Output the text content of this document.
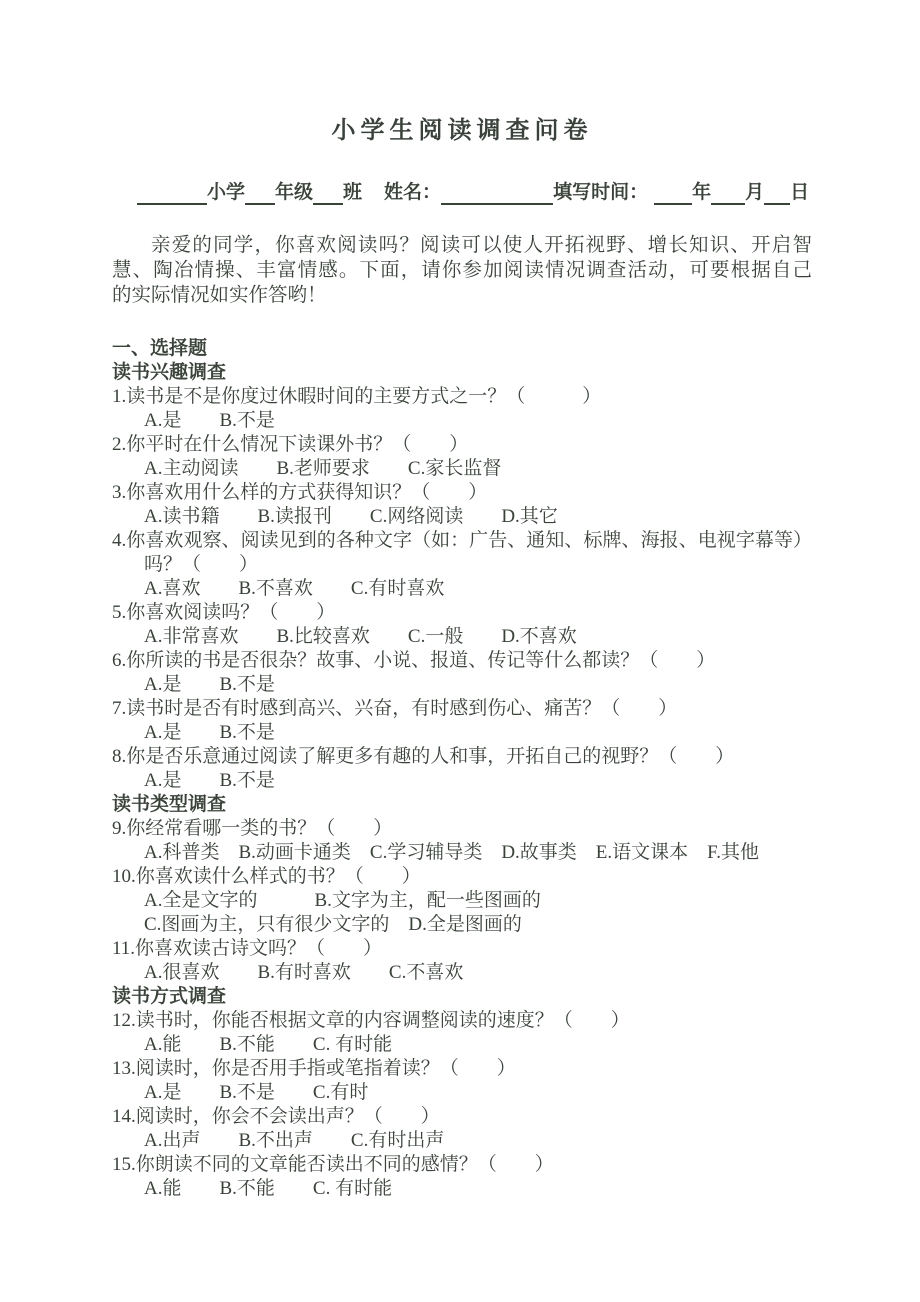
小学生阅读调查问卷
小学 年级 班 姓名：	填写时间： 年 月 日
亲爱的同学，你喜欢阅读吗？阅读可以使人开拓视野、增长知识、开启智
慧、陶冶情操、丰富情感。下面，请你参加阅读情况调查活动，可要根据自己
的实际情况如实作答哟！
一、选择题
读书兴趣调查
1.读书是不是你度过休暇时间的主要方式之一？（　　　）
A.是　　B.不是
2.你平时在什么情况下读课外书？（　　）
A.主动阅读　　B.老师要求　　C.家长监督
3.你喜欢用什么样的方式获得知识？（　　）
A.读书籍　　B.读报刊　　C.网络阅读　　D.其它
4.你喜欢观察、阅读见到的各种文字（如：广告、通知、标牌、海报、电视字幕等）吗？（　　）
A.喜欢　　B.不喜欢　　C.有时喜欢
5.你喜欢阅读吗？（　　）
A.非常喜欢　　B.比较喜欢　　C.一般　　D.不喜欢
6.你所读的书是否很杂？故事、小说、报道、传记等什么都读？（　　）
A.是　　B.不是
7.读书时是否有时感到高兴、兴奋，有时感到伤心、痛苦？（　　）
A.是　　B.不是
8.你是否乐意通过阅读了解更多有趣的人和事，开拓自己的视野？（　　）
A.是　　B.不是
读书类型调查
9.你经常看哪一类的书？（　　）
A.科普类　B.动画卡通类　C.学习辅导类　D.故事类　E.语文课本　F.其他
10.你喜欢读什么样式的书？（　　）
A.全是文字的　　　B.文字为主，配一些图画的
C.图画为主，只有很少文字的　D.全是图画的
11.你喜欢读古诗文吗？（　　）
A.很喜欢　　B.有时喜欢　　C.不喜欢
读书方式调查
12.读书时，你能否根据文章的内容调整阅读的速度？（　　）
A.能　　B.不能　　C. 有时能
13.阅读时，你是否用手指或笔指着读？（　　）
A.是　　B.不是　　C.有时
14.阅读时，你会不会读出声？（　　）
A.出声　　B.不出声　　C.有时出声
15.你朗读不同的文章能否读出不同的感情？（　　）
A.能　　B.不能　　C. 有时能
